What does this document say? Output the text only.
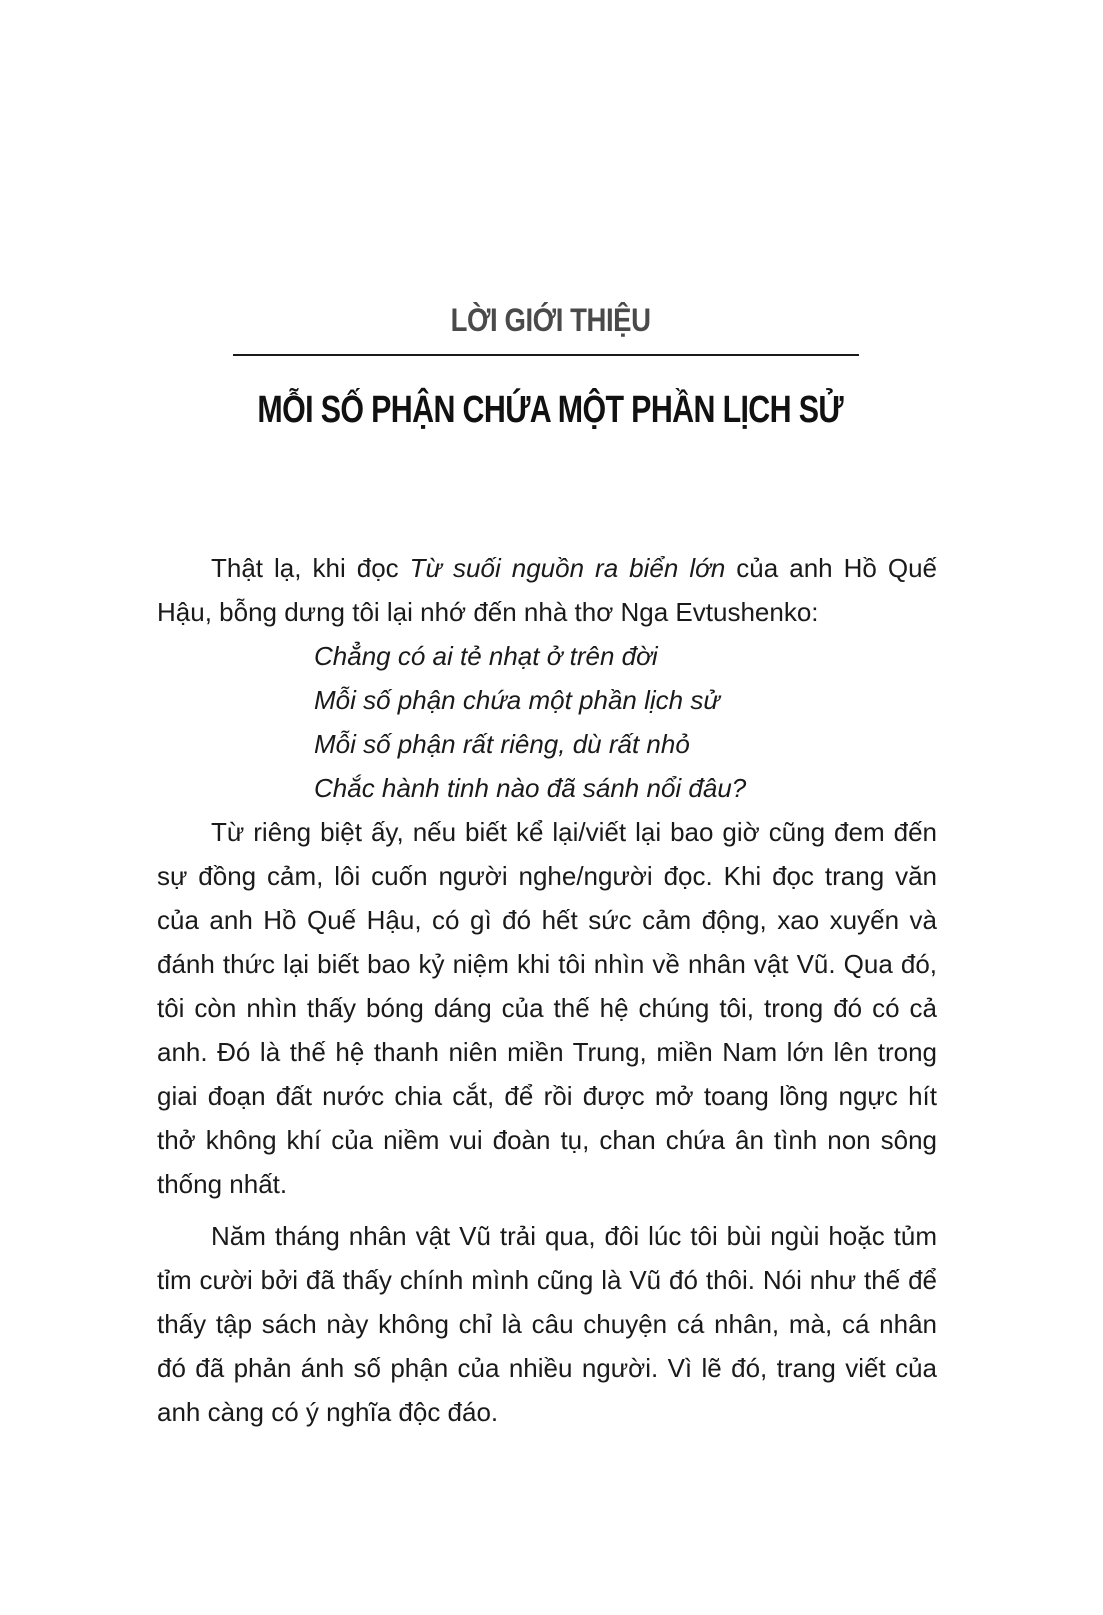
LỜI GIỚI THIỆU
MỖI SỐ PHẬN CHỨA MỘT PHẦN LỊCH SỬ

Thật lạ, khi đọc Từ suối nguồn ra biển lớn của anh Hồ Quế Hậu, bỗng dưng tôi lại nhớ đến nhà thơ Nga Evtushenko:

Chẳng có ai tẻ nhạt ở trên đời
Mỗi số phận chứa một phần lịch sử
Mỗi số phận rất riêng, dù rất nhỏ
Chắc hành tinh nào đã sánh nổi đâu?

Từ riêng biệt ấy, nếu biết kể lại/viết lại bao giờ cũng đem đến sự đồng cảm, lôi cuốn người nghe/người đọc. Khi đọc trang văn của anh Hồ Quế Hậu, có gì đó hết sức cảm động, xao xuyến và đánh thức lại biết bao kỷ niệm khi tôi nhìn về nhân vật Vũ. Qua đó, tôi còn nhìn thấy bóng dáng của thế hệ chúng tôi, trong đó có cả anh. Đó là thế hệ thanh niên miền Trung, miền Nam lớn lên trong giai đoạn đất nước chia cắt, để rồi được mở toang lồng ngực hít thở không khí của niềm vui đoàn tụ, chan chứa ân tình non sông thống nhất.

Năm tháng nhân vật Vũ trải qua, đôi lúc tôi bùi ngùi hoặc tủm tỉm cười bởi đã thấy chính mình cũng là Vũ đó thôi. Nói như thế để thấy tập sách này không chỉ là câu chuyện cá nhân, mà, cá nhân đó đã phản ánh số phận của nhiều người. Vì lẽ đó, trang viết của anh càng có ý nghĩa độc đáo.
